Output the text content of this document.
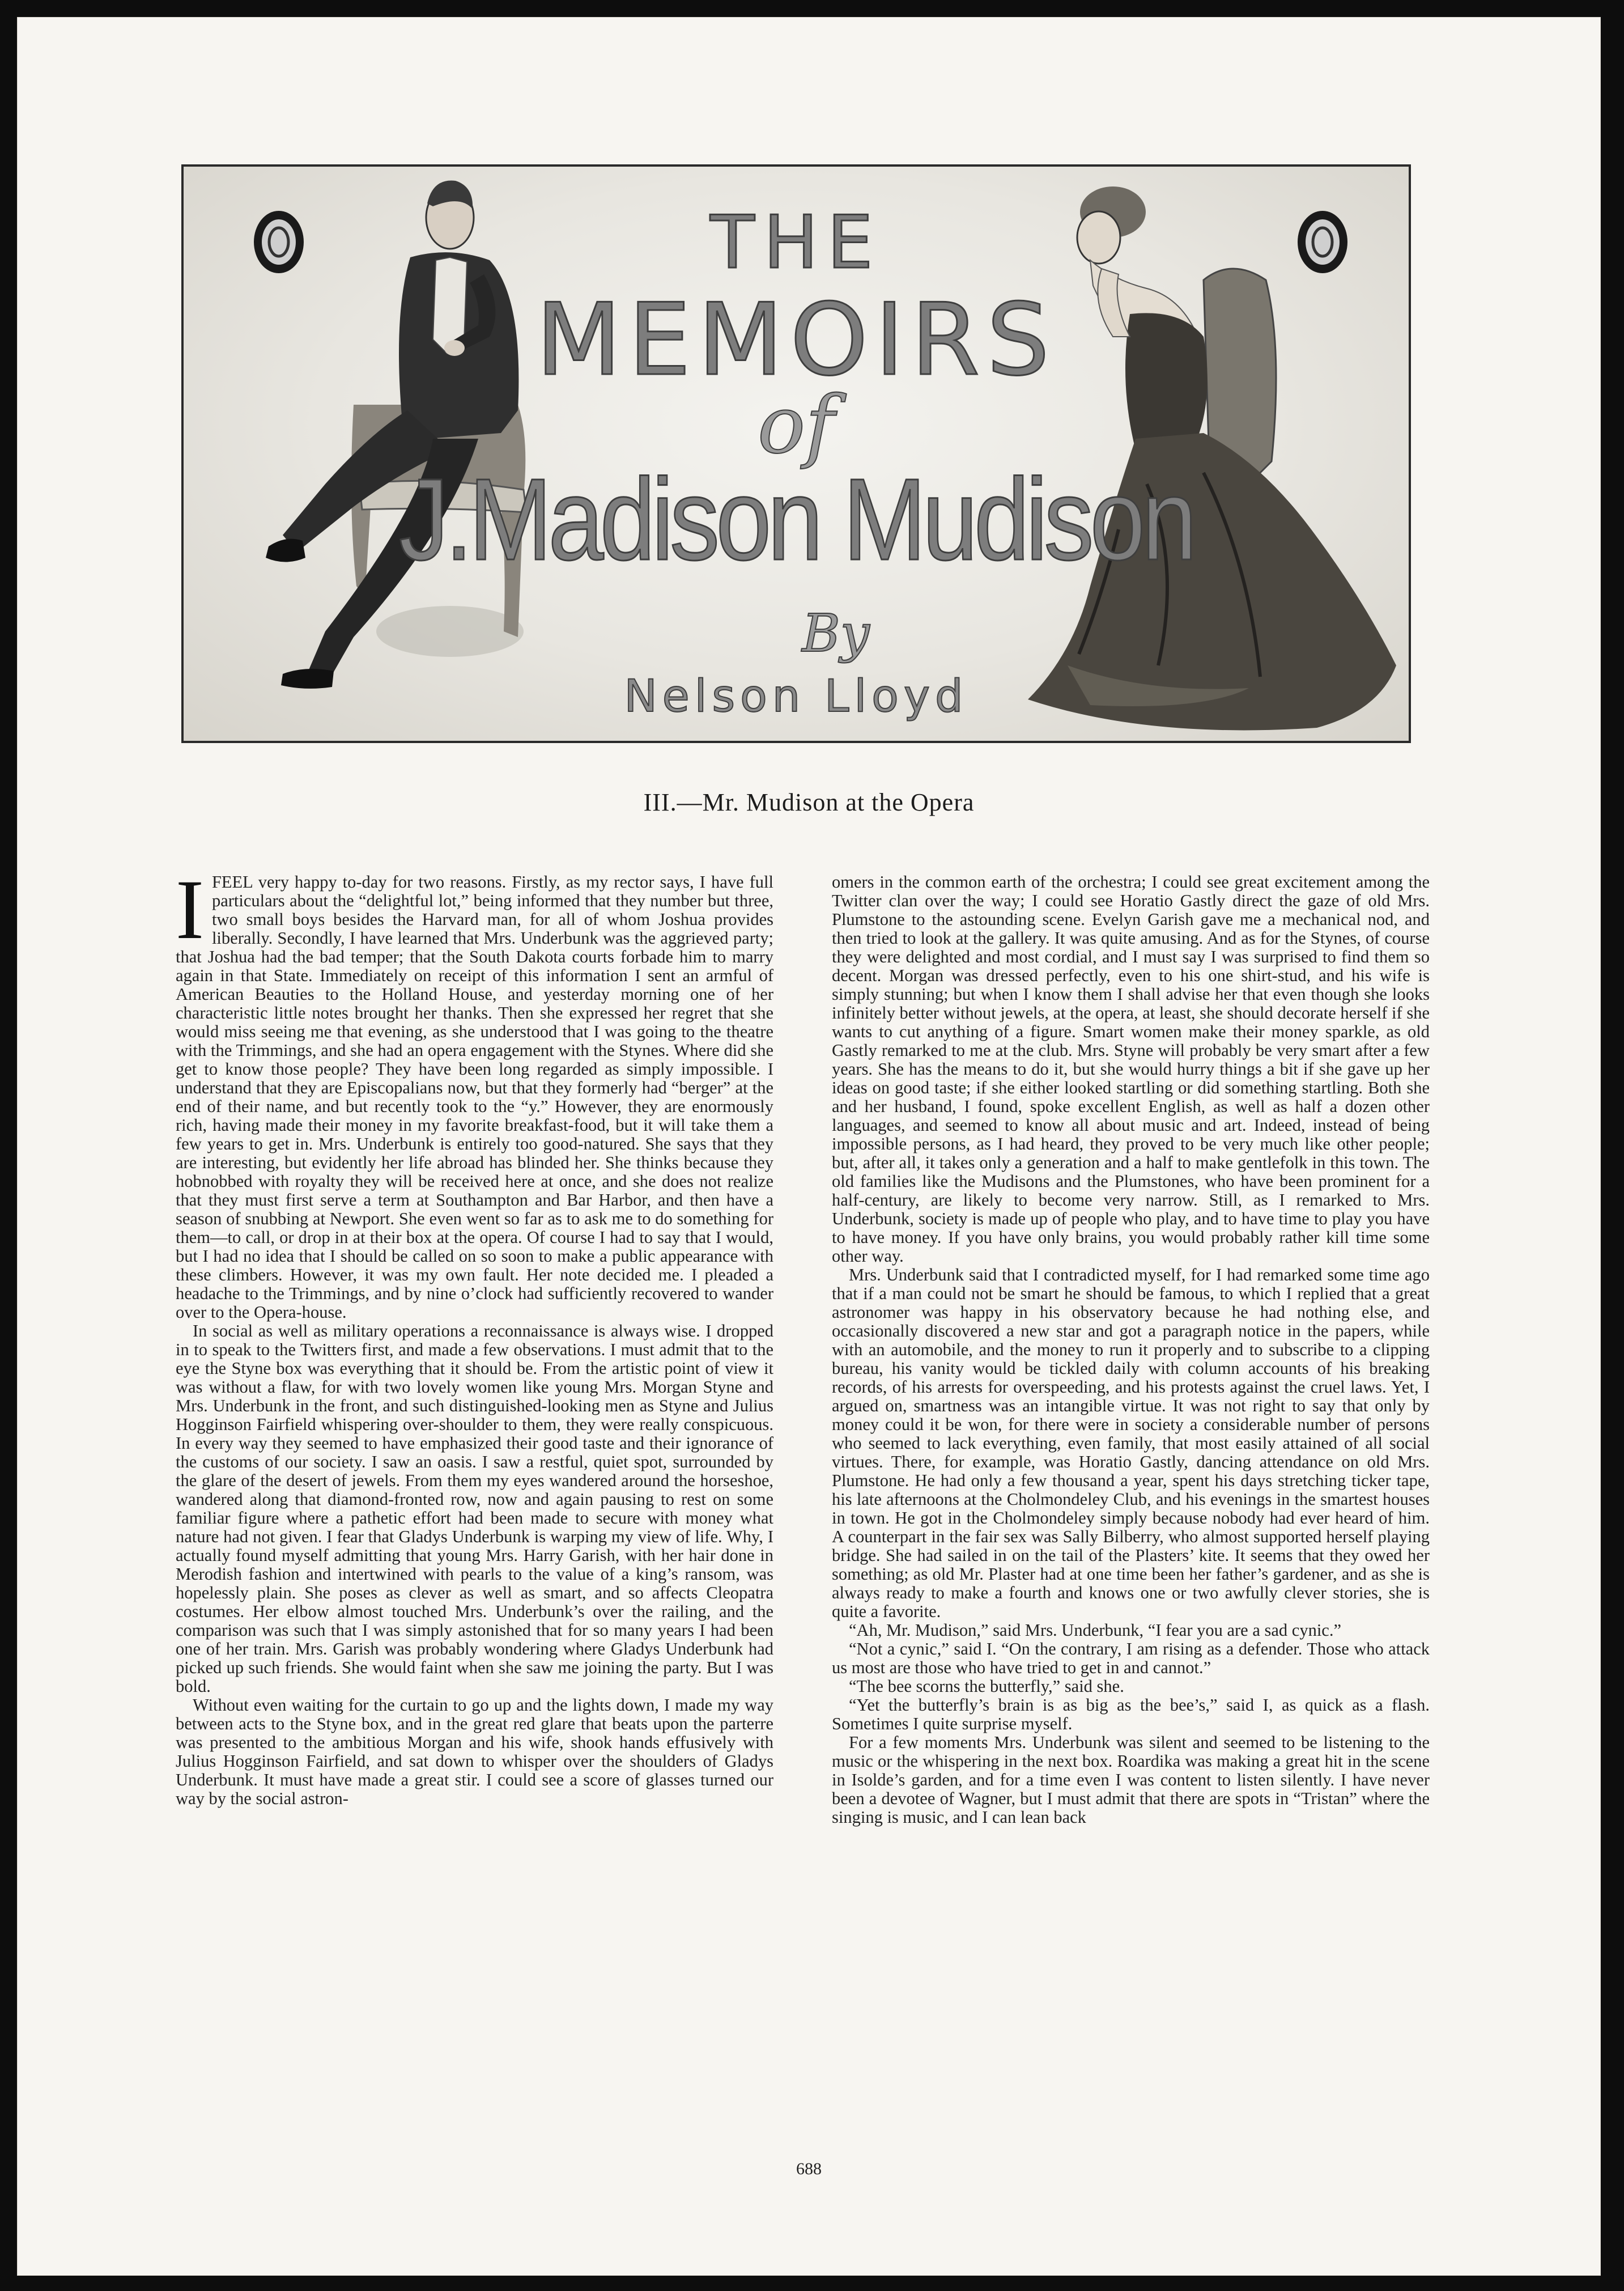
THE
MEMOIRS
of
J.Madison Mudison
By
Nelson Lloyd
III.—Mr. Mudison at the Opera

I FEEL very happy to-day for two reasons. Firstly, as my rector says, I have full particulars about the “delightful lot,” being informed that they number but three, two small boys besides the Harvard man, for all of whom Joshua provides liberally. Secondly, I have learned that Mrs. Underbunk was the aggrieved party; that Joshua had the bad temper; that the South Dakota courts forbade him to marry again in that State. Immediately on receipt of this information I sent an armful of American Beauties to the Holland House, and yesterday morning one of her characteristic little notes brought her thanks. Then she expressed her regret that she would miss seeing me that evening, as she understood that I was going to the theatre with the Trimmings, and she had an opera engagement with the Stynes. Where did she get to know those people? They have been long regarded as simply impossible. I understand that they are Episcopalians now, but that they formerly had “berger” at the end of their name, and but recently took to the “y.” However, they are enormously rich, having made their money in my favorite breakfast-food, but it will take them a few years to get in. Mrs. Underbunk is entirely too good-natured. She says that they are interesting, but evidently her life abroad has blinded her. She thinks because they hobnobbed with royalty they will be received here at once, and she does not realize that they must first serve a term at Southampton and Bar Harbor, and then have a season of snubbing at Newport. She even went so far as to ask me to do something for them—to call, or drop in at their box at the opera. Of course I had to say that I would, but I had no idea that I should be called on so soon to make a public appearance with these climbers. However, it was my own fault. Her note decided me. I pleaded a headache to the Trimmings, and by nine o’clock had sufficiently recovered to wander over to the Opera-house.

In social as well as military operations a reconnaissance is always wise. I dropped in to speak to the Twitters first, and made a few observations. I must admit that to the eye the Styne box was everything that it should be. From the artistic point of view it was without a flaw, for with two lovely women like young Mrs. Morgan Styne and Mrs. Underbunk in the front, and such distinguished-looking men as Styne and Julius Hogginson Fairfield whispering over-shoulder to them, they were really conspicuous. In every way they seemed to have emphasized their good taste and their ignorance of the customs of our society. I saw an oasis. I saw a restful, quiet spot, surrounded by the glare of the desert of jewels. From them my eyes wandered around the horseshoe, wandered along that diamond-fronted row, now and again pausing to rest on some familiar figure where a pathetic effort had been made to secure with money what nature had not given. I fear that Gladys Underbunk is warping my view of life. Why, I actually found myself admitting that young Mrs. Harry Garish, with her hair done in Merodish fashion and intertwined with pearls to the value of a king’s ransom, was hopelessly plain. She poses as clever as well as smart, and so affects Cleopatra costumes. Her elbow almost touched Mrs. Underbunk’s over the railing, and the comparison was such that I was simply astonished that for so many years I had been one of her train. Mrs. Garish was probably wondering where Gladys Underbunk had picked up such friends. She would faint when she saw me joining the party. But I was bold.

Without even waiting for the curtain to go up and the lights down, I made my way between acts to the Styne box, and in the great red glare that beats upon the parterre was presented to the ambitious Morgan and his wife, shook hands effusively with Julius Hogginson Fairfield, and sat down to whisper over the shoulders of Gladys Underbunk. It must have made a great stir. I could see a score of glasses turned our way by the social astron-

omers in the common earth of the orchestra; I could see great excitement among the Twitter clan over the way; I could see Horatio Gastly direct the gaze of old Mrs. Plumstone to the astounding scene. Evelyn Garish gave me a mechanical nod, and then tried to look at the gallery. It was quite amusing. And as for the Stynes, of course they were delighted and most cordial, and I must say I was surprised to find them so decent. Morgan was dressed perfectly, even to his one shirt-stud, and his wife is simply stunning; but when I know them I shall advise her that even though she looks infinitely better without jewels, at the opera, at least, she should decorate herself if she wants to cut anything of a figure. Smart women make their money sparkle, as old Gastly remarked to me at the club. Mrs. Styne will probably be very smart after a few years. She has the means to do it, but she would hurry things a bit if she gave up her ideas on good taste; if she either looked startling or did something startling. Both she and her husband, I found, spoke excellent English, as well as half a dozen other languages, and seemed to know all about music and art. Indeed, instead of being impossible persons, as I had heard, they proved to be very much like other people; but, after all, it takes only a generation and a half to make gentlefolk in this town. The old families like the Mudisons and the Plumstones, who have been prominent for a half-century, are likely to become very narrow. Still, as I remarked to Mrs. Underbunk, society is made up of people who play, and to have time to play you have to have money. If you have only brains, you would probably rather kill time some other way.

Mrs. Underbunk said that I contradicted myself, for I had remarked some time ago that if a man could not be smart he should be famous, to which I replied that a great astronomer was happy in his observatory because he had nothing else, and occasionally discovered a new star and got a paragraph notice in the papers, while with an automobile, and the money to run it properly and to subscribe to a clipping bureau, his vanity would be tickled daily with column accounts of his breaking records, of his arrests for overspeeding, and his protests against the cruel laws. Yet, I argued on, smartness was an intangible virtue. It was not right to say that only by money could it be won, for there were in society a considerable number of persons who seemed to lack everything, even family, that most easily attained of all social virtues. There, for example, was Horatio Gastly, dancing attendance on old Mrs. Plumstone. He had only a few thousand a year, spent his days stretching ticker tape, his late afternoons at the Cholmondeley Club, and his evenings in the smartest houses in town. He got in the Cholmondeley simply because nobody had ever heard of him. A counterpart in the fair sex was Sally Bilberry, who almost supported herself playing bridge. She had sailed in on the tail of the Plasters’ kite. It seems that they owed her something; as old Mr. Plaster had at one time been her father’s gardener, and as she is always ready to make a fourth and knows one or two awfully clever stories, she is quite a favorite.

“Ah, Mr. Mudison,” said Mrs. Underbunk, “I fear you are a sad cynic.”

“Not a cynic,” said I. “On the contrary, I am rising as a defender. Those who attack us most are those who have tried to get in and cannot.”

“The bee scorns the butterfly,” said she.

“Yet the butterfly’s brain is as big as the bee’s,” said I, as quick as a flash. Sometimes I quite surprise myself.

For a few moments Mrs. Underbunk was silent and seemed to be listening to the music or the whispering in the next box. Roardika was making a great hit in the scene in Isolde’s garden, and for a time even I was content to listen silently. I have never been a devotee of Wagner, but I must admit that there are spots in “Tristan” where the singing is music, and I can lean back

688
